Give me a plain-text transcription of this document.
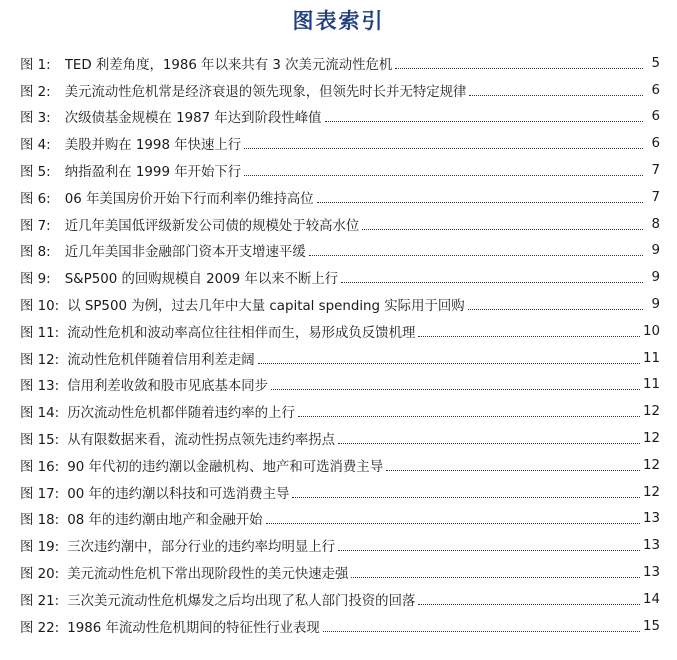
图表索引
图 1: TED 利差角度，1986 年以来共有 3 次美元流动性危机	5
图 2: 美元流动性危机常是经济衰退的领先现象，但领先时长并无特定规律	6
图 3: 次级债基金规模在 1987 年达到阶段性峰值	6
图 4: 美股并购在 1998 年快速上行	6
图 5: 纳指盈利在 1999 年开始下行	7
图 6: 06 年美国房价开始下行而利率仍维持高位	7
图 7: 近几年美国低评级新发公司债的规模处于较高水位	8
图 8: 近几年美国非金融部门资本开支增速平缓	9
图 9: S&P500 的回购规模自 2009 年以来不断上行	9
图 10: 以 SP500 为例，过去几年中大量 capital spending 实际用于回购	9
图 11: 流动性危机和波动率高位往往相伴而生，易形成负反馈机理	10
图 12: 流动性危机伴随着信用利差走阔	11
图 13: 信用利差收敛和股市见底基本同步	11
图 14: 历次流动性危机都伴随着违约率的上行	12
图 15: 从有限数据来看，流动性拐点领先违约率拐点	12
图 16: 90 年代初的违约潮以金融机构、地产和可选消费主导	12
图 17: 00 年的违约潮以科技和可选消费主导	12
图 18: 08 年的违约潮由地产和金融开始	13
图 19: 三次违约潮中，部分行业的违约率均明显上行	13
图 20: 美元流动性危机下常出现阶段性的美元快速走强	13
图 21: 三次美元流动性危机爆发之后均出现了私人部门投资的回落	14
图 22: 1986 年流动性危机期间的特征性行业表现	15
